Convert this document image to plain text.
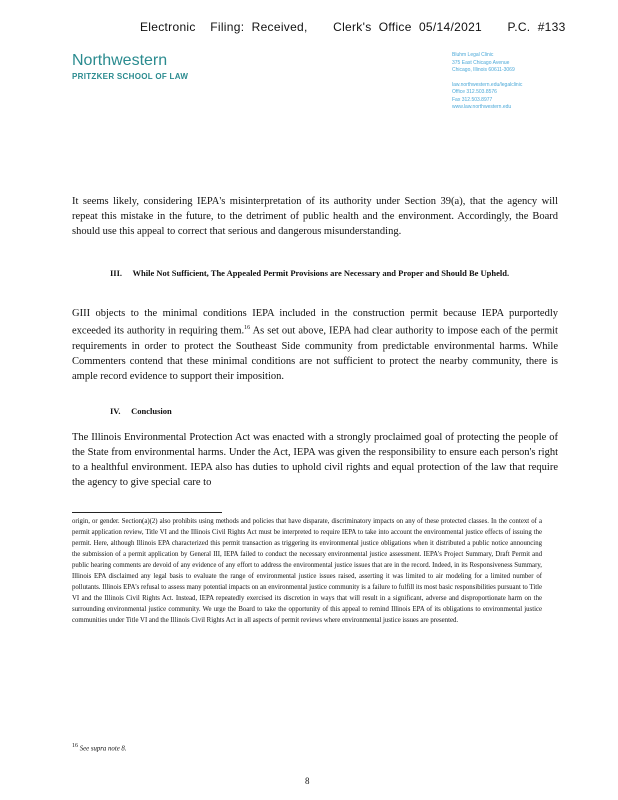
Electronic    Filing:  Received,       Clerk's  Office  05/14/2021       P.C.  #133
Northwestern
PRITZKER SCHOOL OF LAW
Bluhm Legal Clinic
375 East Chicago Avenue
Chicago, Illinois 60611-3069
law.northwestern.edu/legalclinic
Office 312.503.8576
Fax 312.503.8977
www.law.northwestern.edu

It seems likely, considering IEPA's misinterpretation of its authority under Section 39(a), that the agency will repeat this mistake in the future, to the detriment of public health and the environment. Accordingly, the Board should use this appeal to correct that serious and dangerous misunderstanding.

III. While Not Sufficient, The Appealed Permit Provisions are Necessary and Proper and Should Be Upheld.

GIII objects to the minimal conditions IEPA included in the construction permit because IEPA purportedly exceeded its authority in requiring them.$^{16}$ As set out above, IEPA had clear authority to impose each of the permit requirements in order to protect the Southeast Side community from predictable environmental harms. While Commenters contend that these minimal conditions are not sufficient to protect the nearby community, there is ample record evidence to support their imposition.

IV. Conclusion

The Illinois Environmental Protection Act was enacted with a strongly proclaimed goal of protecting the people of the State from environmental harms. Under the Act, IEPA was given the responsibility to ensure each person's right to a healthful environment. IEPA also has duties to uphold civil rights and equal protection of the law that require the agency to give special care to

origin, or gender. Section(a)(2) also prohibits using methods and policies that have disparate, discriminatory impacts on any of these protected classes. In the context of a permit application review, Title VI and the Illinois Civil Rights Act must be interpreted to require IEPA to take into account the environmental justice effects of issuing the permit. Here, although Illinois EPA characterized this permit transaction as triggering its environmental justice obligations when it distributed a public notice announcing the submission of a permit application by General III, IEPA failed to conduct the necessary environmental justice assessment. IEPA's Project Summary, Draft Permit and public hearing comments are devoid of any evidence of any effort to address the environmental justice issues that are in the record. Indeed, in its Responsiveness Summary, Illinois EPA disclaimed any legal basis to evaluate the range of environmental justice issues raised, asserting it was limited to air modeling for a limited number of pollutants. Illinois EPA's refusal to assess many potential impacts on an environmental justice community is a failure to fulfill its most basic responsibilities pursuant to Title VI and the Illinois Civil Rights Act. Instead, IEPA repeatedly exercised its discretion in ways that will result in a significant, adverse and disproportionate harm on the surrounding environmental justice community. We urge the Board to take the opportunity of this appeal to remind Illinois EPA of its obligations to environmental justice communities under Title VI and the Illinois Civil Rights Act in all aspects of permit reviews where environmental justice issues are presented.

$^{16}$ See supra note 8.
8
